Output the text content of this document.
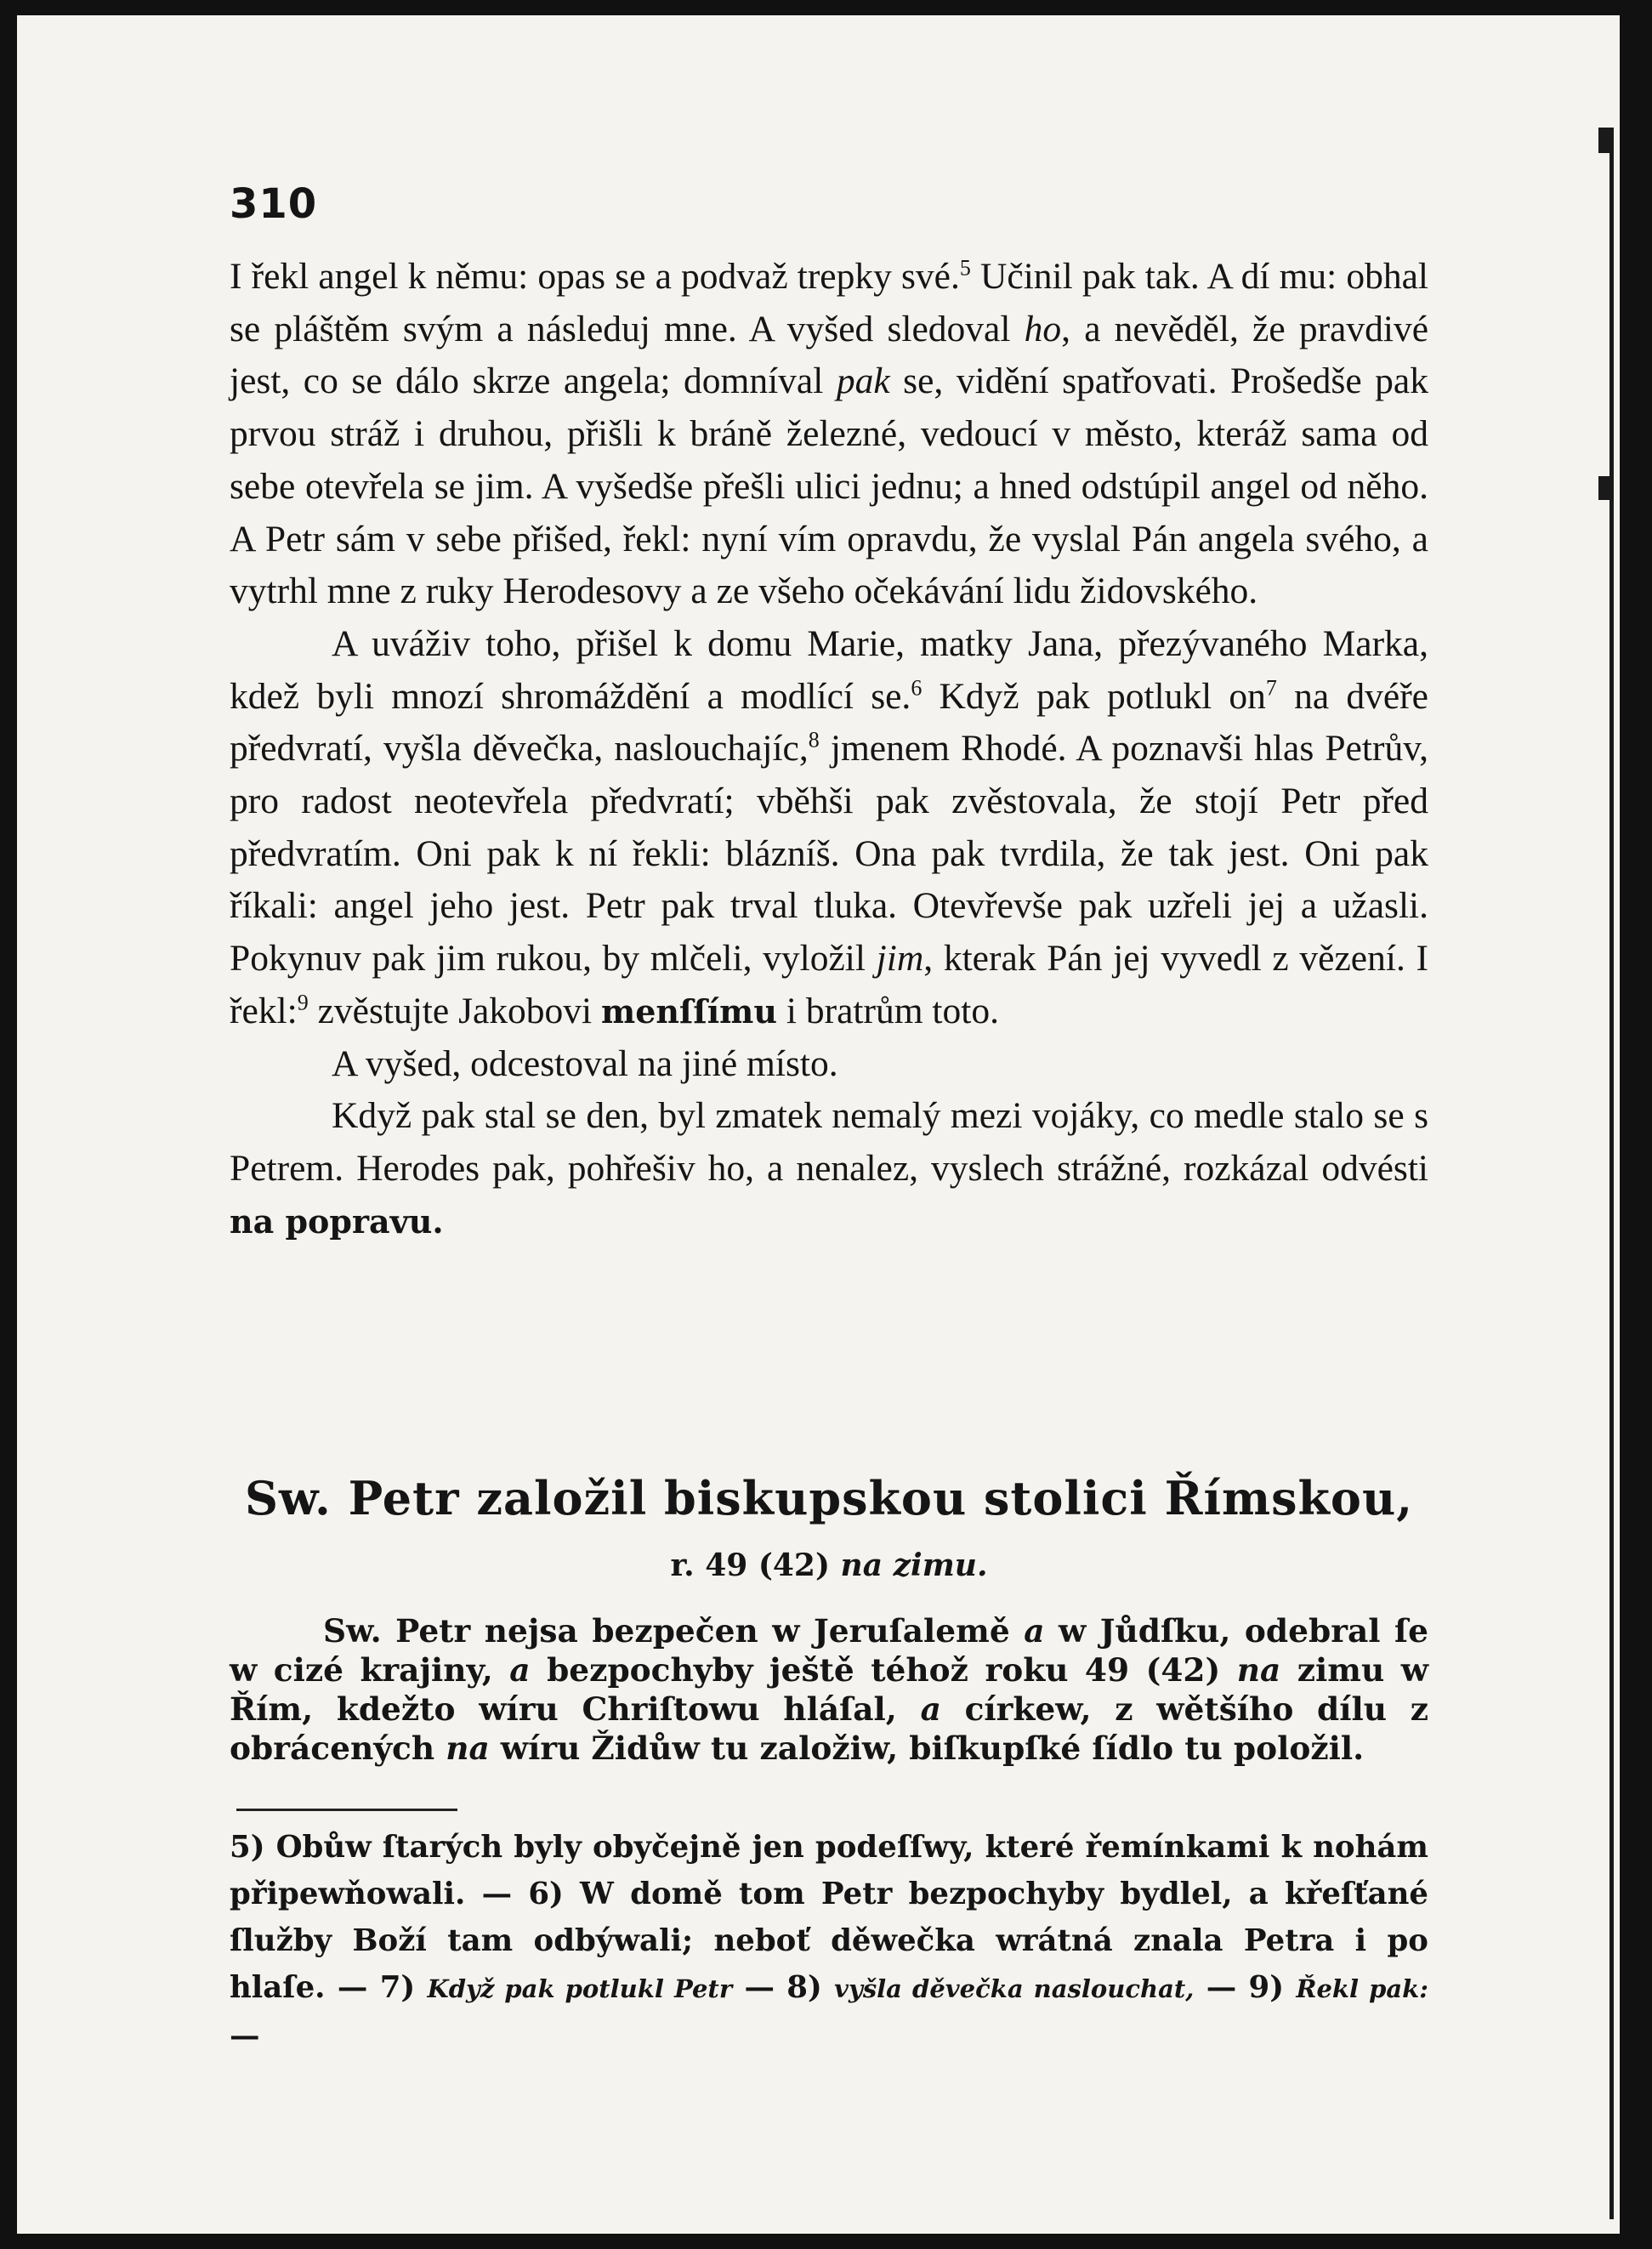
310

I řekl angel k němu: opas se a podvaž trepky své.$^5$ Učinil pak tak. A dí mu: obhal se pláštěm svým a následuj mne. A vyšed sledoval ho, a nevěděl, že pravdivé jest, co se dálo skrze angela; domníval pak se, vidění spatřovati. Prošedše pak prvou stráž i druhou, přišli k bráně železné, vedoucí v město, kteráž sama od sebe otevřela se jim. A vyšedše přešli ulici jednu; a hned odstúpil angel od něho. A Petr sám v sebe přišed, řekl: nyní vím opravdu, že vyslal Pán angela svého, a vytrhl mne z ruky Herodesovy a ze všeho očekávání lidu židovského.

A uváživ toho, přišel k domu Marie, matky Jana, přezývaného Marka, kdež byli mnozí shromáždění a modlící se.$^6$ Když pak potlukl $on^7$ na dvéře předvratí, vyšla děvečka, naslouchajíc,$^8$ jmenem Rhodé. A poznavši hlas Petrův, pro radost neotevřela předvratí; vběhši pak zvěstovala, že stojí Petr před předvratím. Oni pak k ní řekli: blázníš. Ona pak tvrdila, že tak jest. Oni pak říkali: angel jeho jest. Petr pak trval tluka. Otevřevše pak uzřeli jej a užasli. Pokynuv pak jim rukou, by mlčeli, vyložil jim, kterak Pán jej vyvedl z vězení. I řekl:$^9$ zvěstujte Jakobovi menſſímu i bratrům toto.

A vyšed, odcestoval na jiné místo.

Když pak stal se den, byl zmatek nemalý mezi vojáky, co medle stalo se s Petrem. Herodes pak, pohřešiv ho, a nenalez, vyslech strážné, rozkázal odvésti na popravu.

Sw. Petr založil biskupskou stolici Římskou,
r. 49 (42) na zimu.

Sw. Petr nejsa bezpečen w Jeruſalemě a w Jůdſku, odebral ſe w cizé krajiny, a bezpochyby ještě téhož roku 49 (42) na zimu w Řím, kdežto wíru Chriſtowu hláſal, a církew, z wětšího dílu z obrácených na wíru Židůw tu založiw, biſkupſké ſídlo tu položil.

5) Obůw ſtarých byly obyčejně jen podeſſwy, které řemínkami k nohám připewňowali. — 6) W domě tom Petr bezpochyby bydlel, a křeſťané ſlužby Boží tam odbýwali; neboť děwečka wrátná znala Petra i po hlaſe. — 7) Když pak potlukl Petr — 8) vyšla děvečka naslouchat, — 9) Řekl pak: —
